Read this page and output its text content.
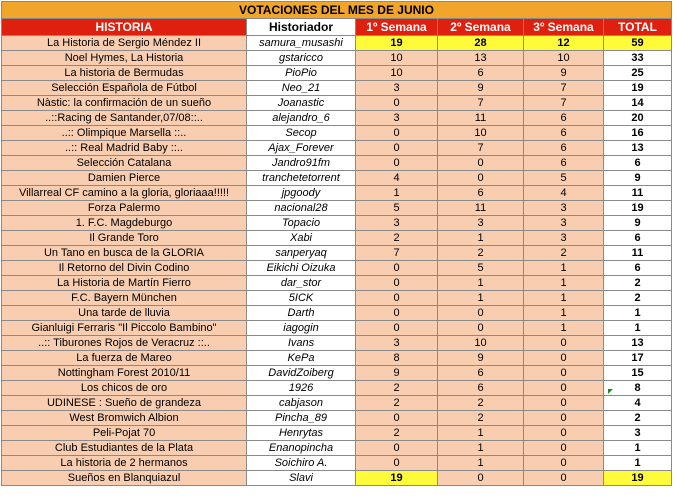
VOTACIONES DEL MES DE JUNIO					
HISTORIA	Historiador	1º Semana	2º Semana	3º Semana	TOTAL
La Historia de Sergio Méndez II	samura_musashi	19	28	12	59
Noel Hymes, La Historia	gstaricco	10	13	10	33
La historia de Bermudas	PioPio	10	6	9	25
Selección Española de Fútbol	Neo_21	3	9	7	19
Nàstic: la confirmación de un sueño	Joanastic	0	7	7	14
..::Racing de Santander,07/08::..	alejandro_6	3	11	6	20
..:: Olimpique Marsella ::..	Secop	0	10	6	16
..:: Real Madrid Baby ::..	Ajax_Forever	0	7	6	13
Selección Catalana	Jandro91fm	0	0	6	6
Damien Pierce	tranchetetorrent	4	0	5	9
Villarreal CF camino a la gloria, gloriaaa!!!!!	jpgoody	1	6	4	11
Forza Palermo	nacional28	5	11	3	19
1. F.C. Magdeburgo	Topacio	3	3	3	9
Il Grande Toro	Xabi	2	1	3	6
Un Tano en busca de la GLORIA	sanperyaq	7	2	2	11
Il Retorno del Divin Codino	Eikichi Oizuka	0	5	1	6
La Historia de Martín Fierro	dar_stor	0	1	1	2
F.C. Bayern München	5ICK	0	1	1	2
Una tarde de lluvia	Darth	0	0	1	1
Gianluigi Ferraris "Il Piccolo Bambino"	iagogin	0	0	1	1
..:: Tiburones Rojos de Veracruz ::..	Ivans	3	10	0	13
La fuerza de Mareo	KePa	8	9	0	17
Nottingham Forest 2010/11	DavidZoiberg	9	6	0	15
Los chicos de oro	1926	2	6	0	8
UDINESE : Sueño de grandeza	cabjason	2	2	0	4
West Bromwich Albion	Pincha_89	0	2	0	2
Peli-Pojat 70	Henrytas	2	1	0	3
Club Estudiantes de la Plata	Enanopincha	0	1	0	1
La historia de 2 hermanos	Soichiro A.	0	1	0	1
Sueños en Blanquiazul	Slavi	19	0	0	19
